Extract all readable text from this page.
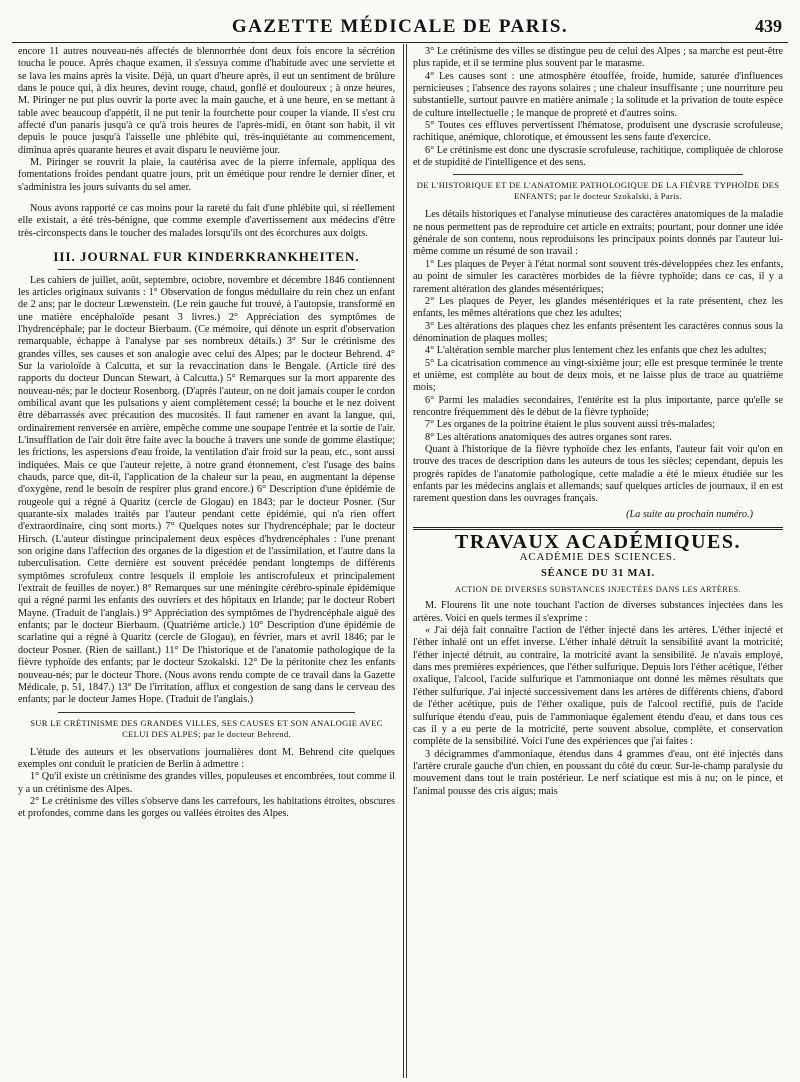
GAZETTE MÉDICALE DE PARIS.	439

encore 11 autres nouveau-nés affectés de blennorrhée dont deux fois encore la sécrétion toucha le pouce. Après chaque examen, il s'essuya comme d'habitude avec une serviette et se lava les mains après la visite. Déjà, un quart d'heure après, il eut un sentiment de brûlure dans le pouce qui, à dix heures, devint rouge, chaud, gonflé et douloureux ; à onze heures, M. Piringer ne put plus ouvrir la porte avec la main gauche, et à une heure, en se mettant à table avec beaucoup d'appétit, il ne put tenir la fourchette pour couper la viande. Il s'est cru affecté d'un panaris jusqu'à ce qu'à trois heures de l'après-midi, en ôtant son habit, il vit depuis le pouce jusqu'à l'aisselle une phlébite qui, très-inquiétante au commencement, diminua après quarante heures et avait disparu le neuvième jour.

M. Piringer se rouvrit la plaie, la cautérisa avec de la pierre infernale, appliqua des fomentations froides pendant quatre jours, prit un émétique pour rendre le dernier dîner, et s'administra les jours suivants du sel amer.

Nous avons rapporté ce cas moins pour la rareté du fait d'une phlébite qui, si réellement elle existait, a été très-bénigne, que comme exemple d'avertissement aux médecins d'être très-circonspects dans le toucher des malades lorsqu'ils ont des écorchures aux doigts.

III. JOURNAL FUR KINDERKRANKHEITEN.

Les cahiers de juillet, août, septembre, octobre, novembre et décembre 1846 contiennent les articles originaux suivants : 1° Observation de fongus médullaire du rein chez un enfant de 2 ans; par le docteur Lœwenstein. (Le rein gauche fut trouvé, à l'autopsie, transformé en une matière encéphaloïde pesant 3 livres.) 2° Appréciation des symptômes de l'hydrencéphale; par le docteur Bierbaum. (Ce mémoire, qui dénote un esprit d'observation remarquable, échappe à l'analyse par ses nombreux détails.) 3° Sur le crétinisme des grandes villes, ses causes et son analogie avec celui des Alpes; par le docteur Behrend. 4° Sur la varioloïde à Calcutta, et sur la revaccination dans le Bengale. (Article tiré des rapports du docteur Duncan Stewart, à Calcutta.) 5° Remarques sur la mort apparente des nouveau-nés; par le docteur Rosenborg. (D'après l'auteur, on ne doit jamais couper le cordon ombilical avant que les pulsations y aient complètement cessé; la bouche et le nez doivent être débarrassés avec précaution des mucosités. Il faut ramener en avant la langue, qui, ordinairement renversée en arrière, empêche comme une soupape l'entrée et la sortie de l'air. L'insufflation de l'air doit être faite avec la bouche à travers une sonde de gomme élastique; les frictions, les aspersions d'eau froide, la ventilation d'air froid sur la peau, etc., sont aussi indiquées. Mais ce que l'auteur rejette, à notre grand étonnement, c'est l'usage des bains chauds, parce que, dit-il, l'application de la chaleur sur la peau, en augmentant la dépense d'oxygène, rend le besoin de respirer plus grand encore.) 6° Description d'une épidémie de rougeole qui a régné à Quaritz (cercle de Glogau) en 1843; par le docteur Posner. (Sur quarante-six malades traités par l'auteur pendant cette épidémie, qui n'a rien offert d'extraordinaire, cinq sont morts.) 7° Quelques notes sur l'hydrencéphale; par le docteur Hirsch. (L'auteur distingue principalement deux espèces d'hydrencéphales : l'une prenant son origine dans l'affection des organes de la digestion et de l'assimilation, et l'autre dans la tuberculisation. Cette dernière est souvent précédée pendant longtemps de différents symptômes scrofuleux contre lesquels il emploie les antiscrofuleux et principalement l'extrait de feuilles de noyer.) 8° Remarques sur une méningite cérébro-spinale épidémique qui a régné parmi les enfants des ouvriers et des hôpitaux en Irlande; par le docteur Robert Mayne. (Traduit de l'anglais.) 9° Appréciation des symptômes de l'hydrencéphale aiguë des enfants; par le docteur Bierbaum. (Quatrième article.) 10° Description d'une épidémie de scarlatine qui a régné à Quaritz (cercle de Glogau), en février, mars et avril 1846; par le docteur Posner. (Rien de saillant.) 11° De l'historique et de l'anatomie pathologique de la fièvre typhoïde des enfants; par le docteur Szokalski. 12° De la péritonite chez les enfants nouveau-nés; par le docteur Thore. (Nous avons rendu compte de ce travail dans la Gazette Médicale, p. 51, 1847.) 13° De l'irritation, afflux et congestion de sang dans le cerveau des enfants; par le docteur James Hope. (Traduit de l'anglais.)

SUR LE CRÉTINISME DES GRANDES VILLES, SES CAUSES ET SON ANALOGIE AVEC CELUI DES ALPES; par le docteur Behrend.

L'étude des auteurs et les observations journalières dont M. Behrend cite quelques exemples ont conduit le praticien de Berlin à admettre :

1° Qu'il existe un crétinisme des grandes villes, populeuses et encombrées, tout comme il y a un crétinisme des Alpes.

2° Le crétinisme des villes s'observe dans les carrefours, les habitations étroites, obscures et profondes, comme dans les gorges ou vallées étroites des Alpes.

3° Le crétinisme des villes se distingue peu de celui des Alpes ; sa marche est peut-être plus rapide, et il se termine plus souvent par le marasme.

4° Les causes sont : une atmosphère étouffée, froide, humide, saturée d'influences pernicieuses ; l'absence des rayons solaires ; une chaleur insuffisante ; une nourriture peu substantielle, surtout pauvre en matière animale ; la solitude et la privation de toute espèce de culture intellectuelle ; le manque de propreté et d'autres soins.

5° Toutes ces effluves pervertissent l'hématose, produisent une dyscrasie scrofuleuse, rachitique, anémique, chlorotique, et émoussent les sens faute d'exercice.

6° Le crétinisme est donc une dyscrasie scrofuleuse, rachitique, compliquée de chlorose et de stupidité de l'intelligence et des sens.

DE L'HISTORIQUE ET DE L'ANATOMIE PATHOLOGIQUE DE LA FIÈVRE TYPHOÏDE DES ENFANTS; par le docteur Szokalski, à Paris.

Les détails historiques et l'analyse minutieuse des caractères anatomiques de la maladie ne nous permettent pas de reproduire cet article en extraits; pourtant, pour donner une idée générale de son contenu, nous reproduisons les principaux points donnés par l'auteur lui-même comme un résumé de son travail :

1° Les plaques de Peyer à l'état normal sont souvent très-développées chez les enfants, au point de simuler les caractères morbides de la fièvre typhoïde; dans ce cas, il y a rarement altération des glandes mésentériques;

2° Les plaques de Peyer, les glandes mésentériques et la rate présentent, chez les enfants, les mêmes altérations que chez les adultes;

3° Les altérations des plaques chez les enfants présentent les caractères connus sous la dénomination de plaques molles;

4° L'altération semble marcher plus lentement chez les enfants que chez les adultes;

5° La cicatrisation commence au vingt-sixième jour; elle est presque terminée le trente et unième, est complète au bout de deux mois, et ne laisse plus de trace au quatrième mois;

6° Parmi les maladies secondaires, l'entérite est la plus importante, parce qu'elle se rencontre fréquemment dès le début de la fièvre typhoïde;

7° Les organes de la poitrine étaient le plus souvent aussi très-malades;

8° Les altérations anatomiques des autres organes sont rares.

Quant à l'historique de la fièvre typhoïde chez les enfants, l'auteur fait voir qu'on en trouve des traces de description dans les auteurs de tous les siècles; cependant, depuis les progrès rapides de l'anatomie pathologique, cette maladie a été le mieux étudiée sur les enfants par les médecins anglais et allemands; sauf quelques articles de journaux, il en est rarement question dans les ouvrages français.

(La suite au prochain numéro.)
TRAVAUX ACADÉMIQUES.
ACADÉMIE DES SCIENCES.
SÉANCE DU 31 MAI.
ACTION DE DIVERSES SUBSTANCES INJECTÉES DANS LES ARTÈRES.

M. Flourens lit une note touchant l'action de diverses substances injectées dans les artères. Voici en quels termes il s'exprime :

« J'ai déjà fait connaître l'action de l'éther injecté dans les artères. L'éther injecté et l'éther inhalé ont un effet inverse. L'éther inhalé détruit la sensibilité avant la motricité; l'éther injecté détruit, au contraire, la motricité avant la sensibilité. Je n'avais employé, dans mes premières expériences, que l'éther sulfurique. Depuis lors l'éther acétique, l'éther oxalique, l'alcool, l'acide sulfurique et l'ammoniaque ont donné les mêmes résultats que l'éther sulfurique. J'ai injecté successivement dans les artères de différents chiens, d'abord de l'éther acétique, puis de l'éther oxalique, puis de l'alcool rectifié, puis de l'acide sulfurique étendu d'eau, puis de l'ammoniaque également étendu d'eau, et dans tous ces cas il y a eu perte de la motricité, perte souvent absolue, complète, et conservation complète de la sensibilité. Voici l'une des expériences que j'ai faites :

3 décigrammes d'ammoniaque, étendus dans 4 grammes d'eau, ont été injectés dans l'artère crurale gauche d'un chien, en poussant du côté du cœur. Sur-le-champ paralysie du mouvement dans tout le train postérieur. Le nerf sciatique est mis à nu; on le pince, et l'animal pousse des cris aigus; mais
